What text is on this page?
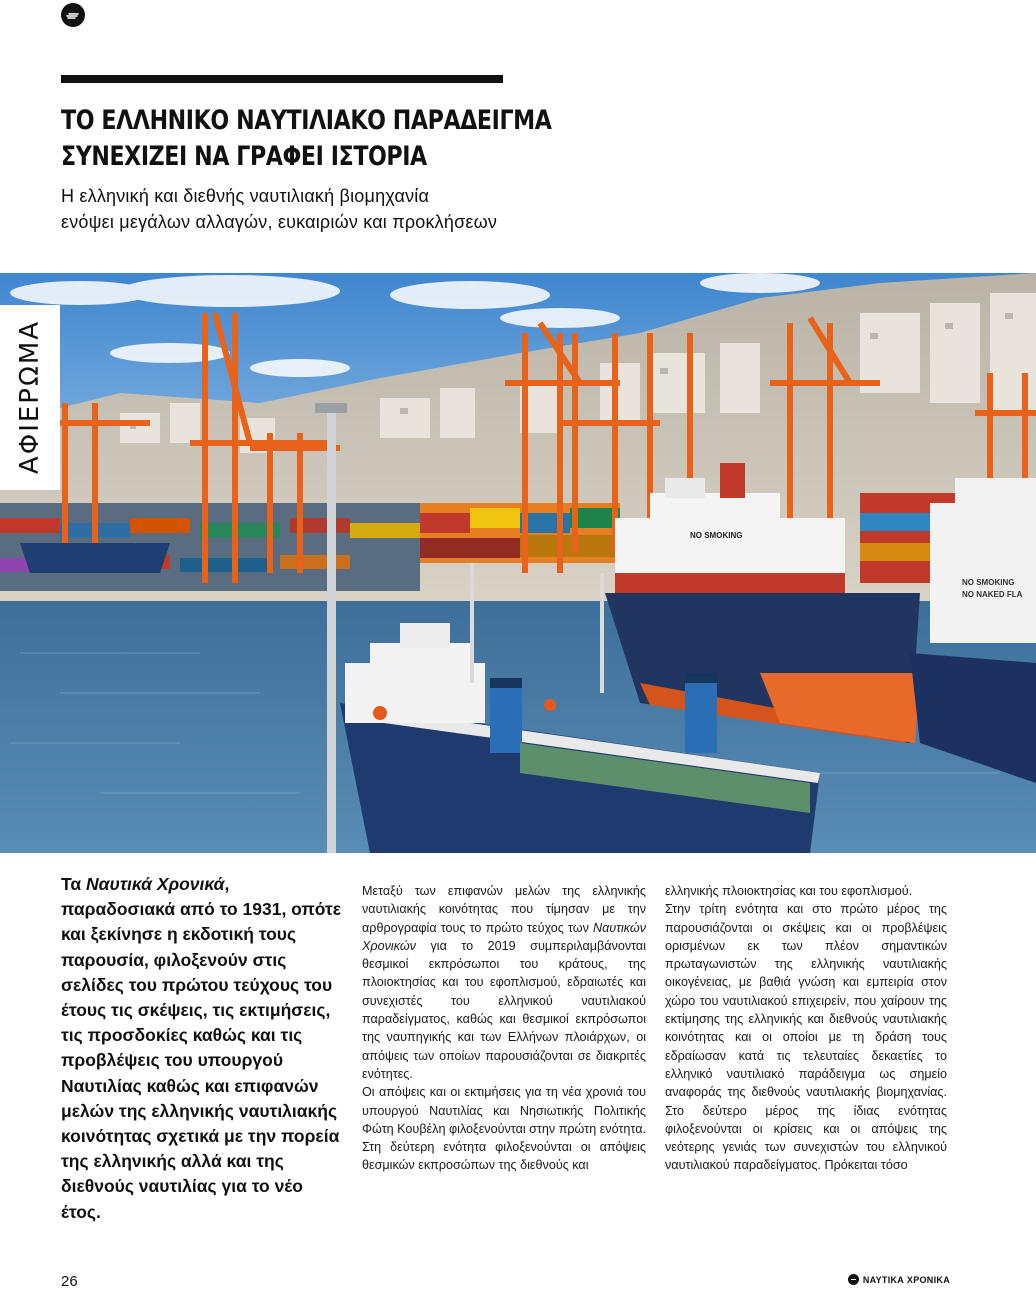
ΤΟ ΕΛΛΗΝΙΚΟ ΝΑΥΤΙΛΙΑΚΟ ΠΑΡΑΔΕΙΓΜΑ
ΣΥΝΕΧΙΖΕΙ ΝΑ ΓΡΑΦΕΙ ΙΣΤΟΡΙΑ
Η ελληνική και διεθνής ναυτιλιακή βιομηχανία
ενόψει μεγάλων αλλαγών, ευκαιριών και προκλήσεων
NO SMOKING
NO SMOKING
NO NAKED FLA
ΑΦΙΕΡΩΜΑ

Τα Ναυτικά Χρονικά, παραδοσιακά από το 1931, οπότε και ξεκίνησε η εκδοτική τους παρουσία, φιλοξενούν στις σελίδες του πρώτου τεύχους του έτους τις σκέψεις, τις εκτιμήσεις, τις προσδοκίες καθώς και τις προβλέψεις του υπουργού Ναυτιλίας καθώς και επιφανών μελών της ελληνικής ναυτιλιακής κοινότητας σχετικά με την πορεία της ελληνικής αλλά και της διεθνούς ναυτιλίας για το νέο έτος.

Μεταξύ των επιφανών μελών της ελληνικής ναυτιλιακής κοινότητας που τίμησαν με την αρθρογραφία τους το πρώτο τεύχος των Ναυτικών Χρονικών για το 2019 συμπεριλαμβάνονται θεσμικοί εκπρόσωποι του κράτους, της πλοιοκτησίας και του εφοπλισμού, εδραιωτές και συνεχιστές του ελληνικού ναυτιλιακού παραδείγματος, καθώς και θεσμικοί εκπρόσωποι της ναυπηγικής και των Ελλήνων πλοιάρχων, οι απόψεις των οποίων παρουσιάζονται σε διακριτές ενότητες.

Οι απόψεις και οι εκτιμήσεις για τη νέα χρονιά του υπουργού Ναυτιλίας και Νησιωτικής Πολιτικής Φώτη Κουβέλη φιλοξενούνται στην πρώτη ενότητα.

Στη δεύτερη ενότητα φιλοξενούνται οι απόψεις θεσμικών εκπροσώπων της διεθνούς και

ελληνικής πλοιοκτησίας και του εφοπλισμού.

Στην τρίτη ενότητα και στο πρώτο μέρος της παρουσιάζονται οι σκέψεις και οι προβλέψεις ορισμένων εκ των πλέον σημαντικών πρωταγωνιστών της ελληνικής ναυτιλιακής οικογένειας, με βαθιά γνώση και εμπειρία στον χώρο του ναυτιλιακού επιχειρείν, που χαίρουν της εκτίμησης της ελληνικής και διεθνούς ναυτιλιακής κοινότητας και οι οποίοι με τη δράση τους εδραίωσαν κατά τις τελευταίες δεκαετίες το ελληνικό ναυτιλιακό παράδειγμα ως σημείο αναφοράς της διεθνούς ναυτιλιακής βιομηχανίας. Στο δεύτερο μέρος της ίδιας ενότητας φιλοξενούνται οι κρίσεις και οι απόψεις της νεότερης γενιάς των συνεχιστών του ελληνικού ναυτιλιακού παραδείγματος. Πρόκειται τόσο

26	ΝΑΥΤΙΚΑ ΧΡΟΝΙΚΑ
